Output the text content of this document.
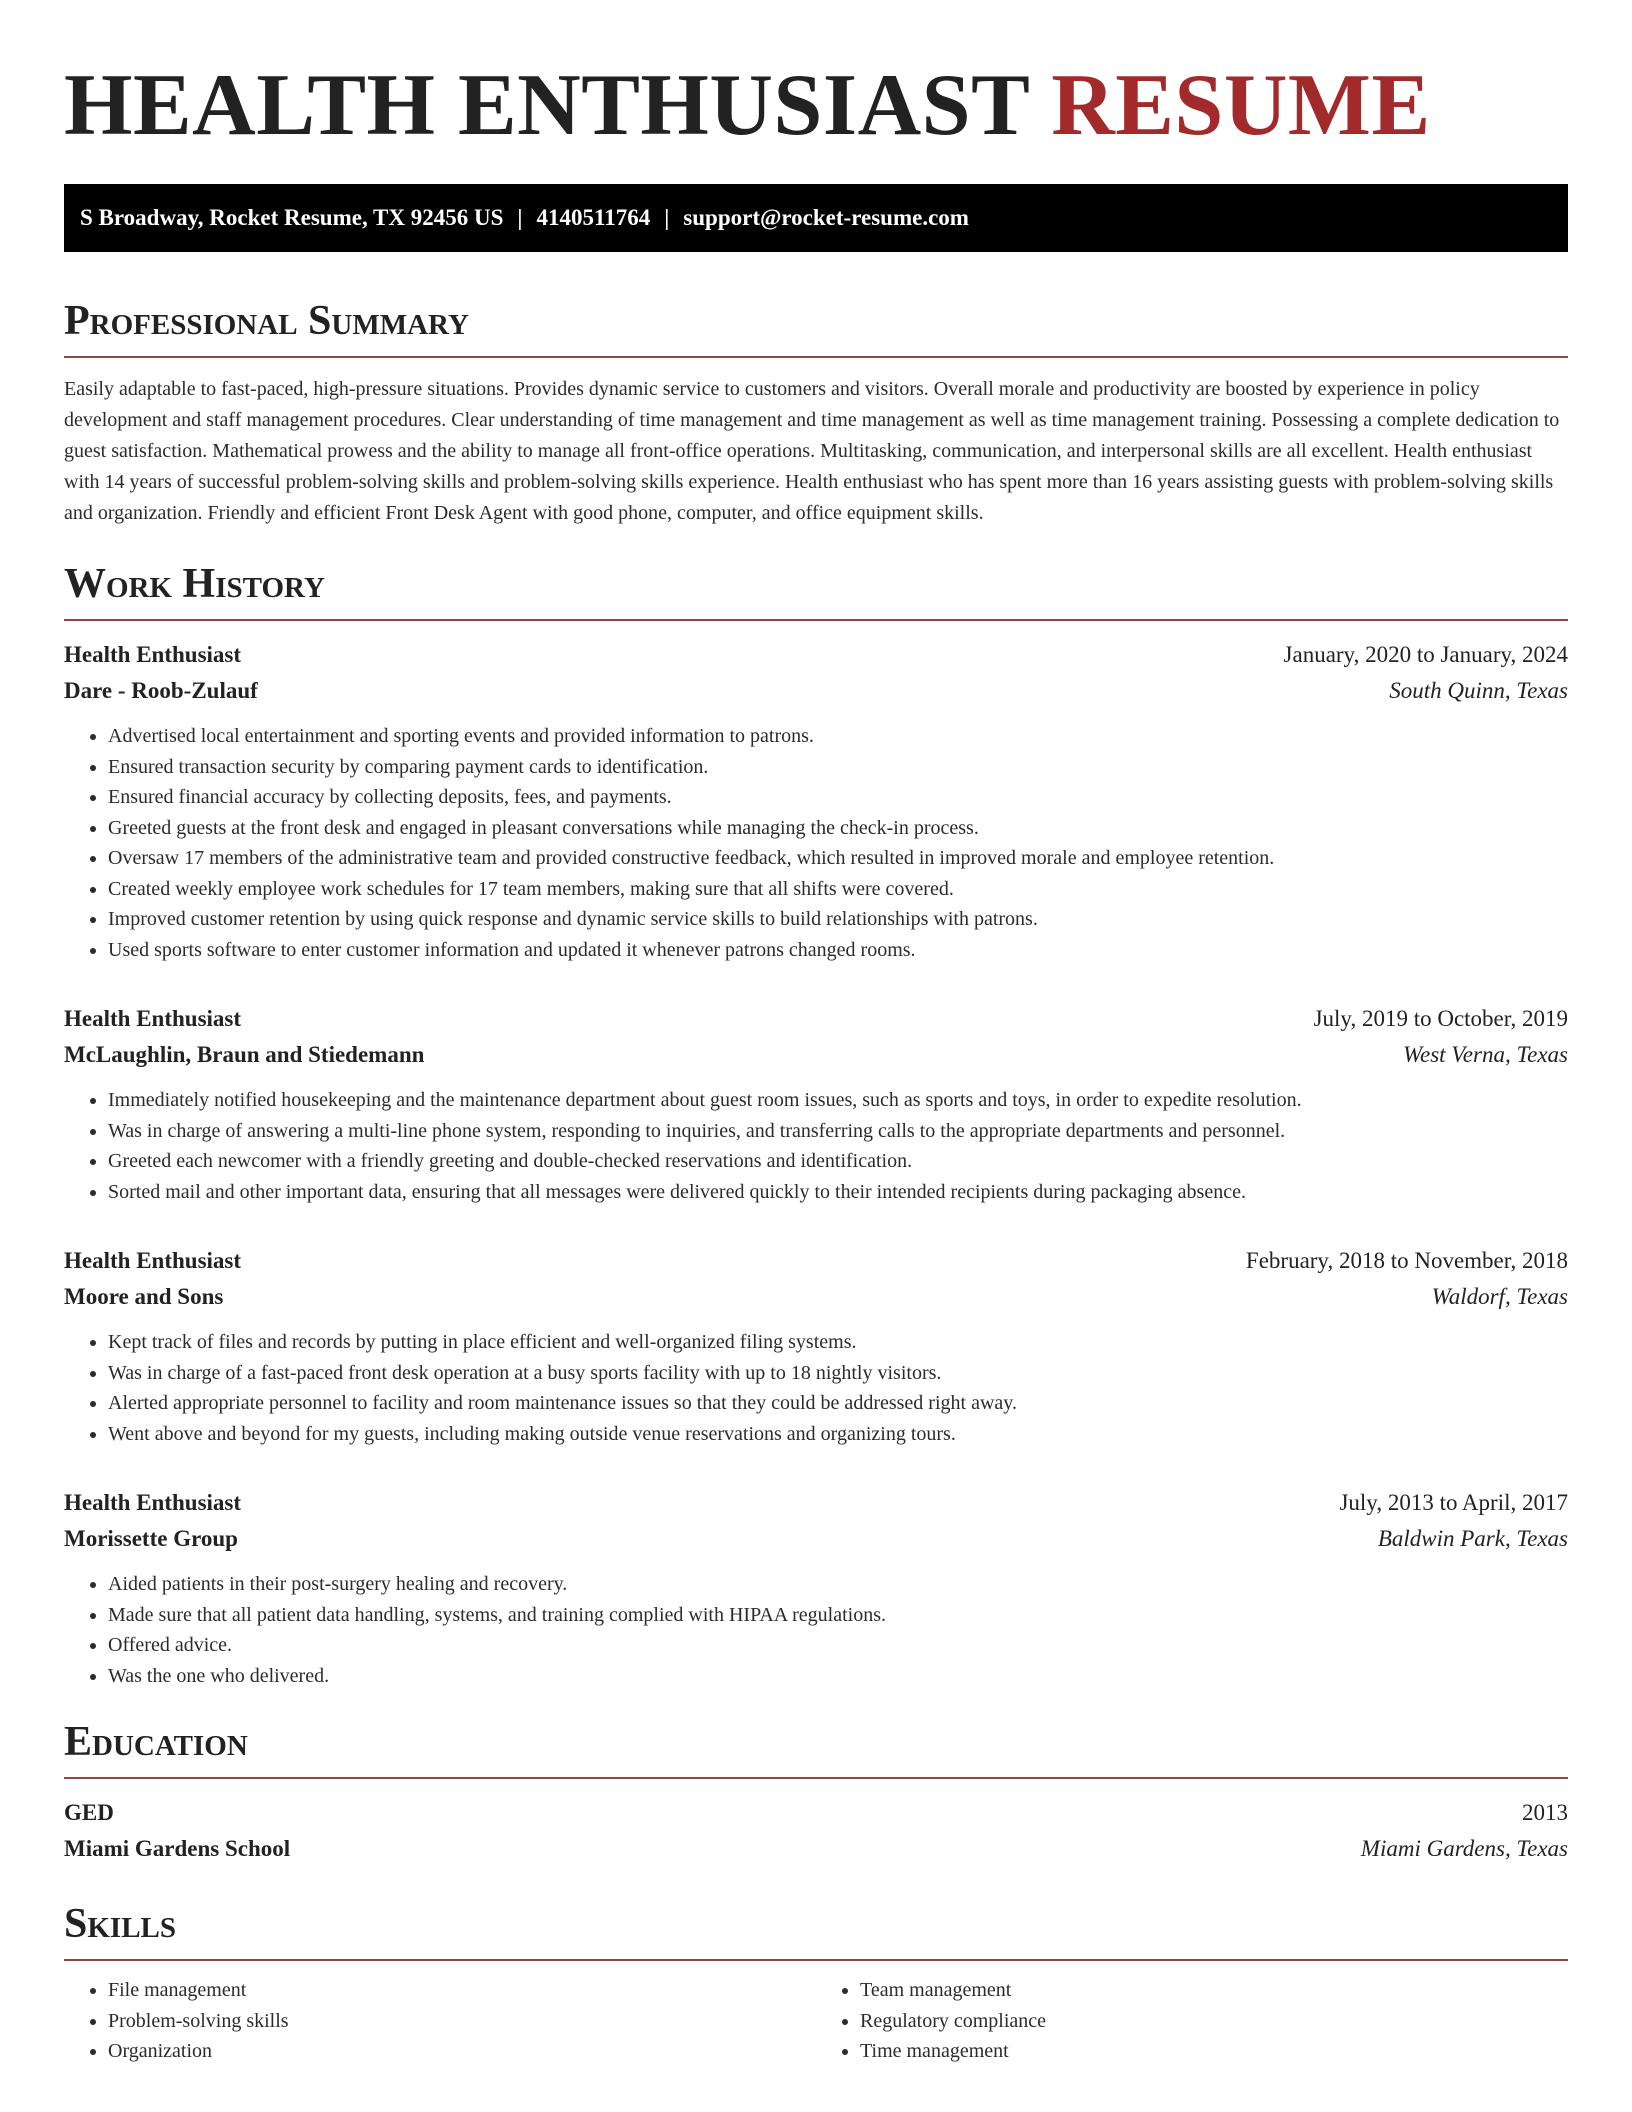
HEALTH ENTHUSIAST RESUME
S Broadway, Rocket Resume, TX 92456 US | 4140511764 | support@rocket-resume.com
Professional Summary

Easily adaptable to fast-paced, high-pressure situations. Provides dynamic service to customers and visitors. Overall morale and productivity are boosted by experience in policy development and staff management procedures. Clear understanding of time management and time management as well as time management training. Possessing a complete dedication to guest satisfaction. Mathematical prowess and the ability to manage all front-office operations. Multitasking, communication, and interpersonal skills are all excellent. Health enthusiast with 14 years of successful problem-solving skills and problem-solving skills experience. Health enthusiast who has spent more than 16 years assisting guests with problem-solving skills and organization. Friendly and efficient Front Desk Agent with good phone, computer, and office equipment skills.

Work History
Health Enthusiast	January, 2020 to January, 2024
Dare - Roob-Zulauf	South Quinn, Texas
• Advertised local entertainment and sporting events and provided information to patrons.
• Ensured transaction security by comparing payment cards to identification.
• Ensured financial accuracy by collecting deposits, fees, and payments.
• Greeted guests at the front desk and engaged in pleasant conversations while managing the check-in process.
• Oversaw 17 members of the administrative team and provided constructive feedback, which resulted in improved morale and employee retention.
• Created weekly employee work schedules for 17 team members, making sure that all shifts were covered.
• Improved customer retention by using quick response and dynamic service skills to build relationships with patrons.
• Used sports software to enter customer information and updated it whenever patrons changed rooms.
Health Enthusiast	July, 2019 to October, 2019
McLaughlin, Braun and Stiedemann	West Verna, Texas
• Immediately notified housekeeping and the maintenance department about guest room issues, such as sports and toys, in order to expedite resolution.
• Was in charge of answering a multi-line phone system, responding to inquiries, and transferring calls to the appropriate departments and personnel.
• Greeted each newcomer with a friendly greeting and double-checked reservations and identification.
• Sorted mail and other important data, ensuring that all messages were delivered quickly to their intended recipients during packaging absence.
Health Enthusiast	February, 2018 to November, 2018
Moore and Sons	Waldorf, Texas
• Kept track of files and records by putting in place efficient and well-organized filing systems.
• Was in charge of a fast-paced front desk operation at a busy sports facility with up to 18 nightly visitors.
• Alerted appropriate personnel to facility and room maintenance issues so that they could be addressed right away.
• Went above and beyond for my guests, including making outside venue reservations and organizing tours.
Health Enthusiast	July, 2013 to April, 2017
Morissette Group	Baldwin Park, Texas
• Aided patients in their post-surgery healing and recovery.
• Made sure that all patient data handling, systems, and training complied with HIPAA regulations.
• Offered advice.
• Was the one who delivered.
Education
GED	2013
Miami Gardens School	Miami Gardens, Texas
Skills
• File management
• Problem-solving skills
• Organization
• Team management
• Regulatory compliance
• Time management
